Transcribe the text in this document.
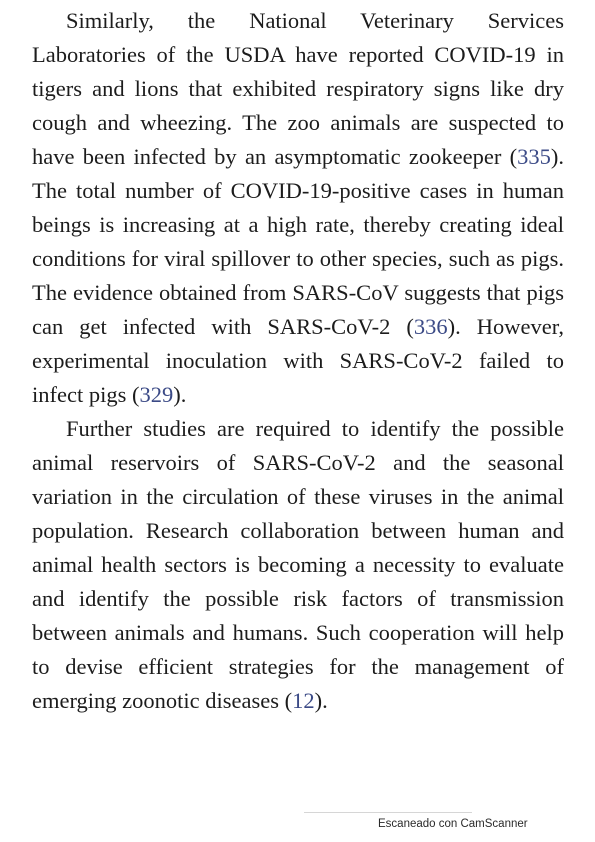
Similarly, the National Veterinary Services Laboratories of the USDA have reported COVID-19 in tigers and lions that exhibited respiratory signs like dry cough and wheezing. The zoo animals are suspected to have been infected by an asymptomatic zookeeper (335). The total number of COVID-19-positive cases in human beings is increasing at a high rate, thereby creating ideal conditions for viral spillover to other species, such as pigs. The evidence obtained from SARS-CoV suggests that pigs can get infected with SARS-CoV-2 (336). However, experimental inoculation with SARS-CoV-2 failed to infect pigs (329).

Further studies are required to identify the possible animal reservoirs of SARS-CoV-2 and the seasonal variation in the circulation of these viruses in the animal population. Research collaboration between human and animal health sectors is becoming a necessity to evaluate and identify the possible risk factors of transmission between animals and humans. Such cooperation will help to devise efficient strategies for the management of emerging zoonotic diseases (12).

Escaneado con CamScanner
